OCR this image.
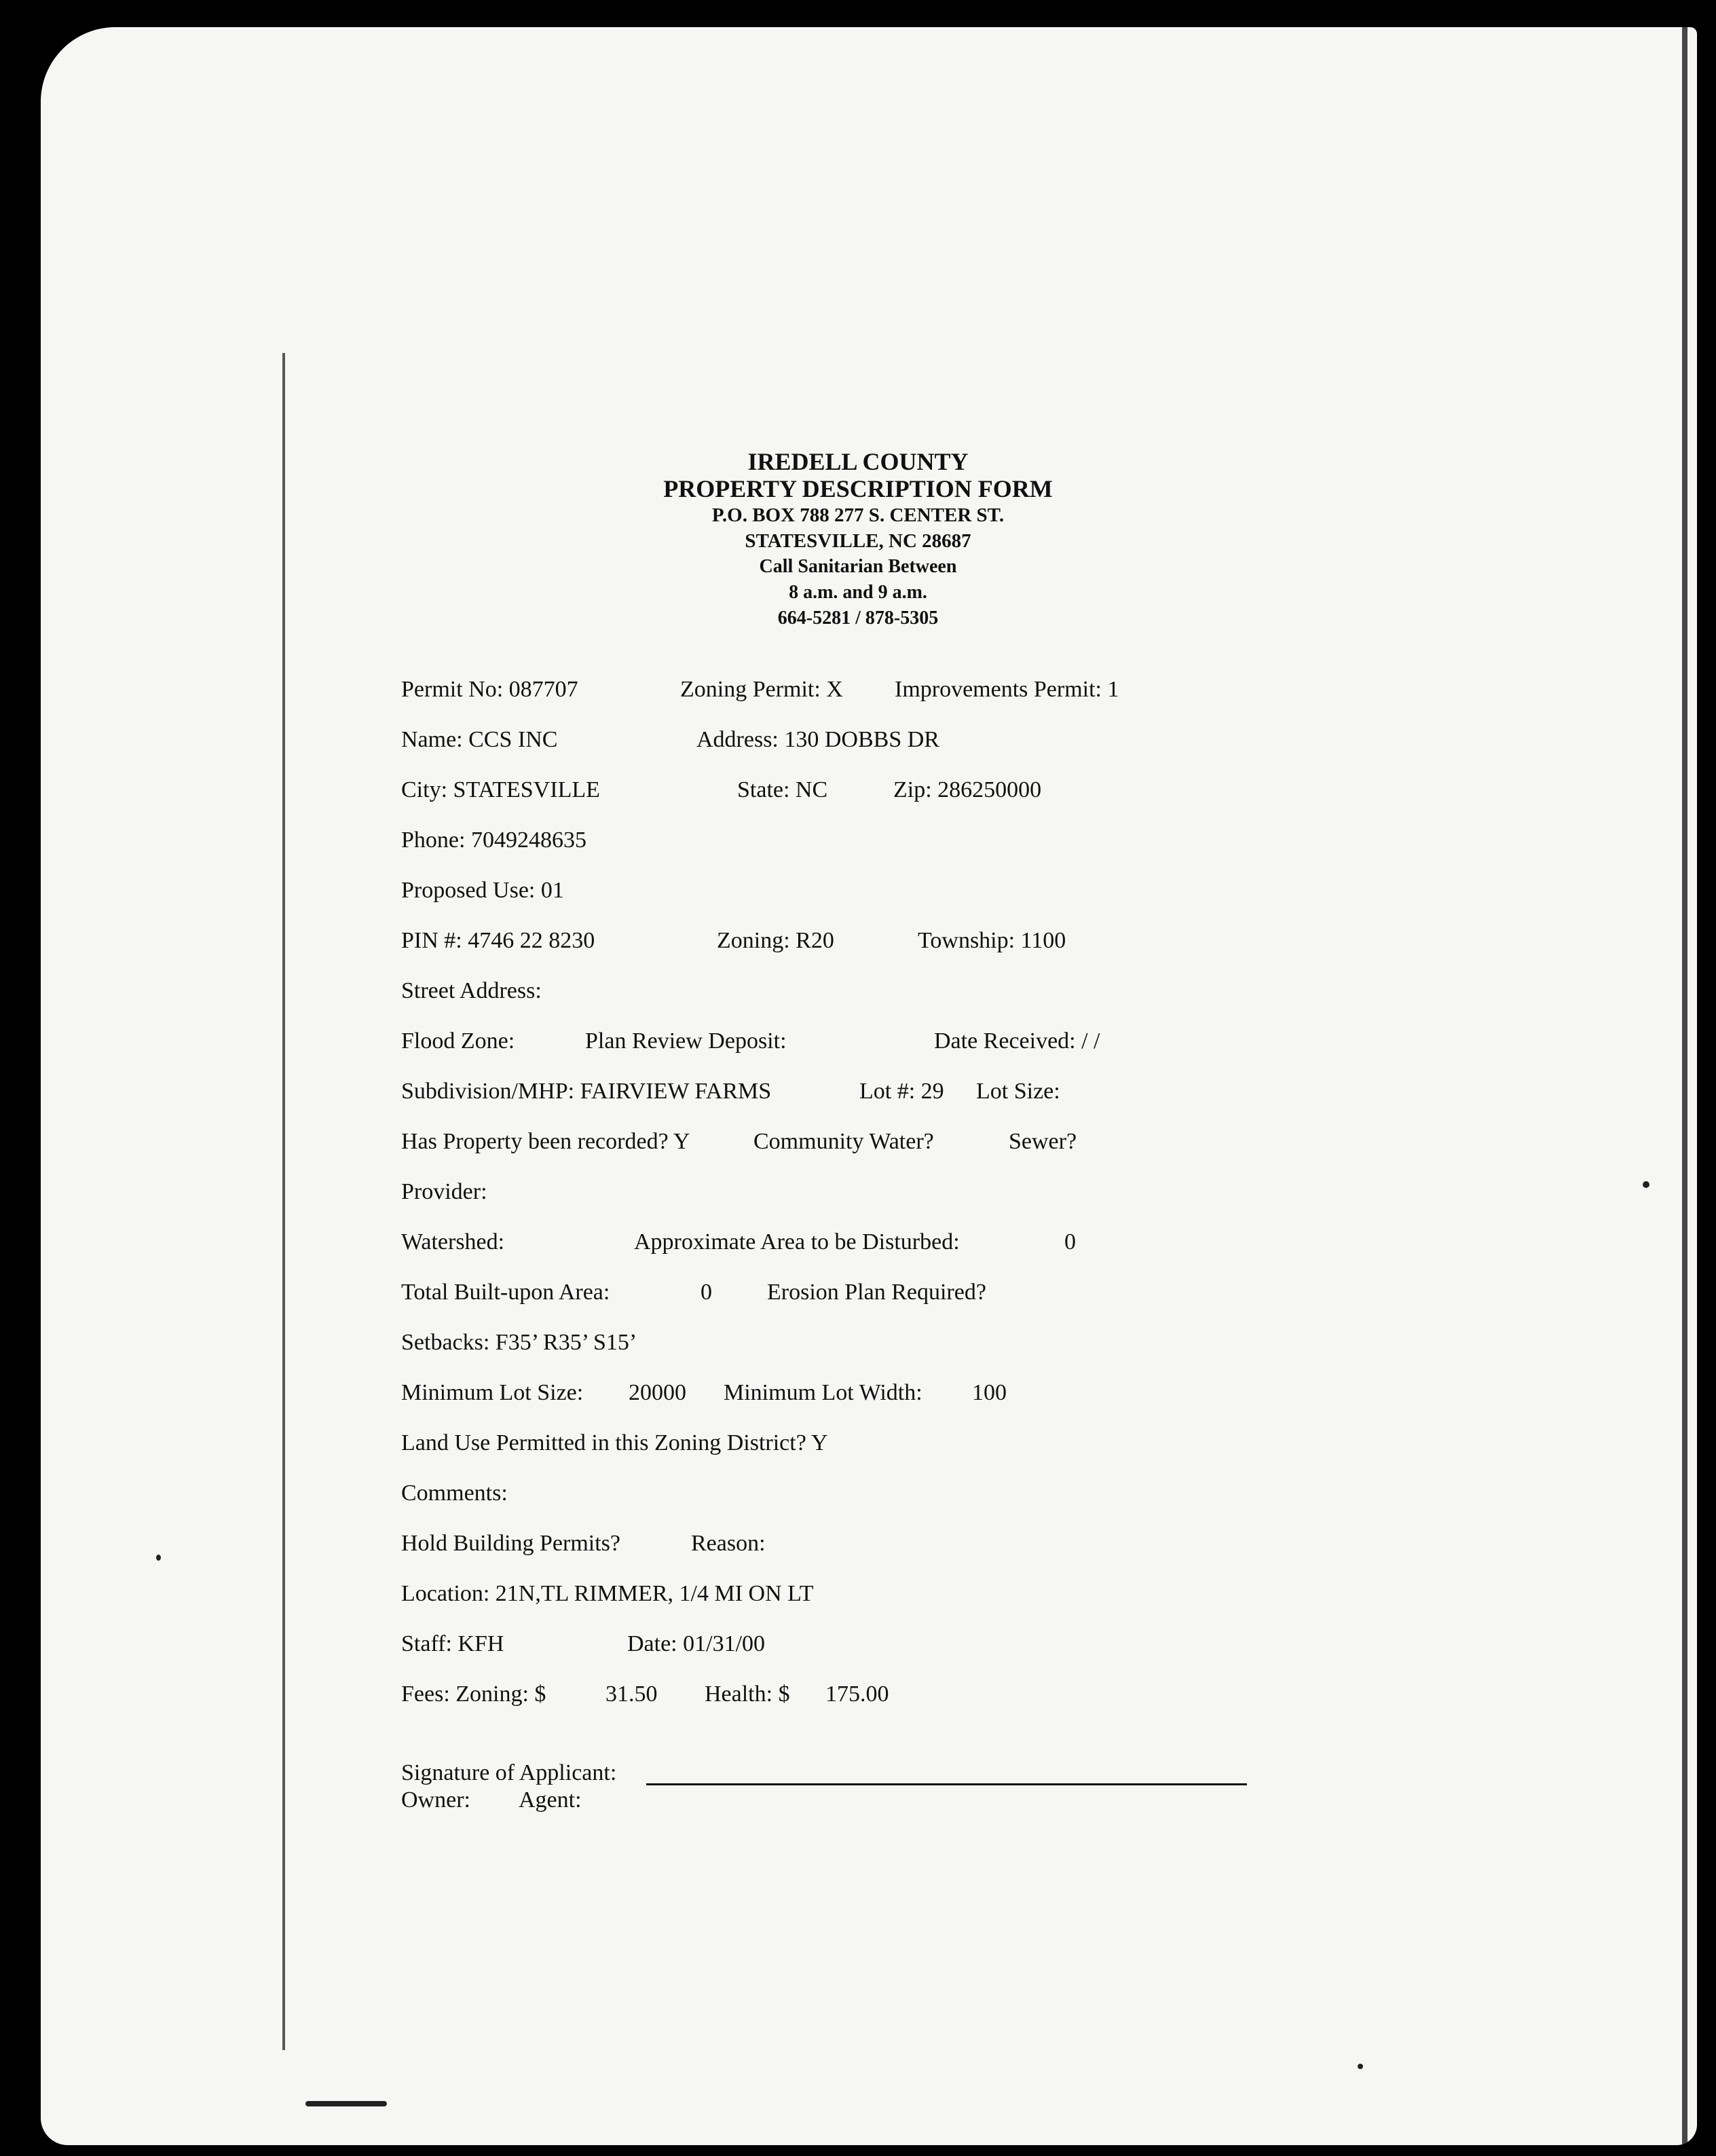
IREDELL COUNTY
PROPERTY DESCRIPTION FORM
P.O. BOX 788 277 S. CENTER ST.
STATESVILLE, NC 28687
Call Sanitarian Between
8 a.m. and 9 a.m.
664-5281 / 878-5305
Permit No: 087707	Zoning Permit: X Improvements Permit: 1
Name: CCS INC	Address: 130 DOBBS DR
City: STATESVILLE	State: NC	Zip: 286250000
Phone: 7049248635
Proposed Use: 01
PIN #: 4746 22 8230	Zoning: R20	Township: 1100
Street Address:
Flood Zone:	Plan Review Deposit:	Date Received: / /
Subdivision/MHP: FAIRVIEW FARMS	Lot #: 29 Lot Size:
Has Property been recorded? Y	Community Water?	Sewer?
Provider:
Watershed:	Approximate Area to be Disturbed:	0
Total Built-upon Area:	0 Erosion Plan Required?
Setbacks: F35’ R35’ S15’
Minimum Lot Size: 20000 Minimum Lot Width: 100
Land Use Permitted in this Zoning District? Y
Comments:
Hold Building Permits?	Reason:
Location: 21N,TL RIMMER, 1/4 MI ON LT
Staff: KFH	Date: 01/31/00
Fees: Zoning: $	31.50 Health: $ 175.00
Signature of Applicant:
Owner: Agent:
